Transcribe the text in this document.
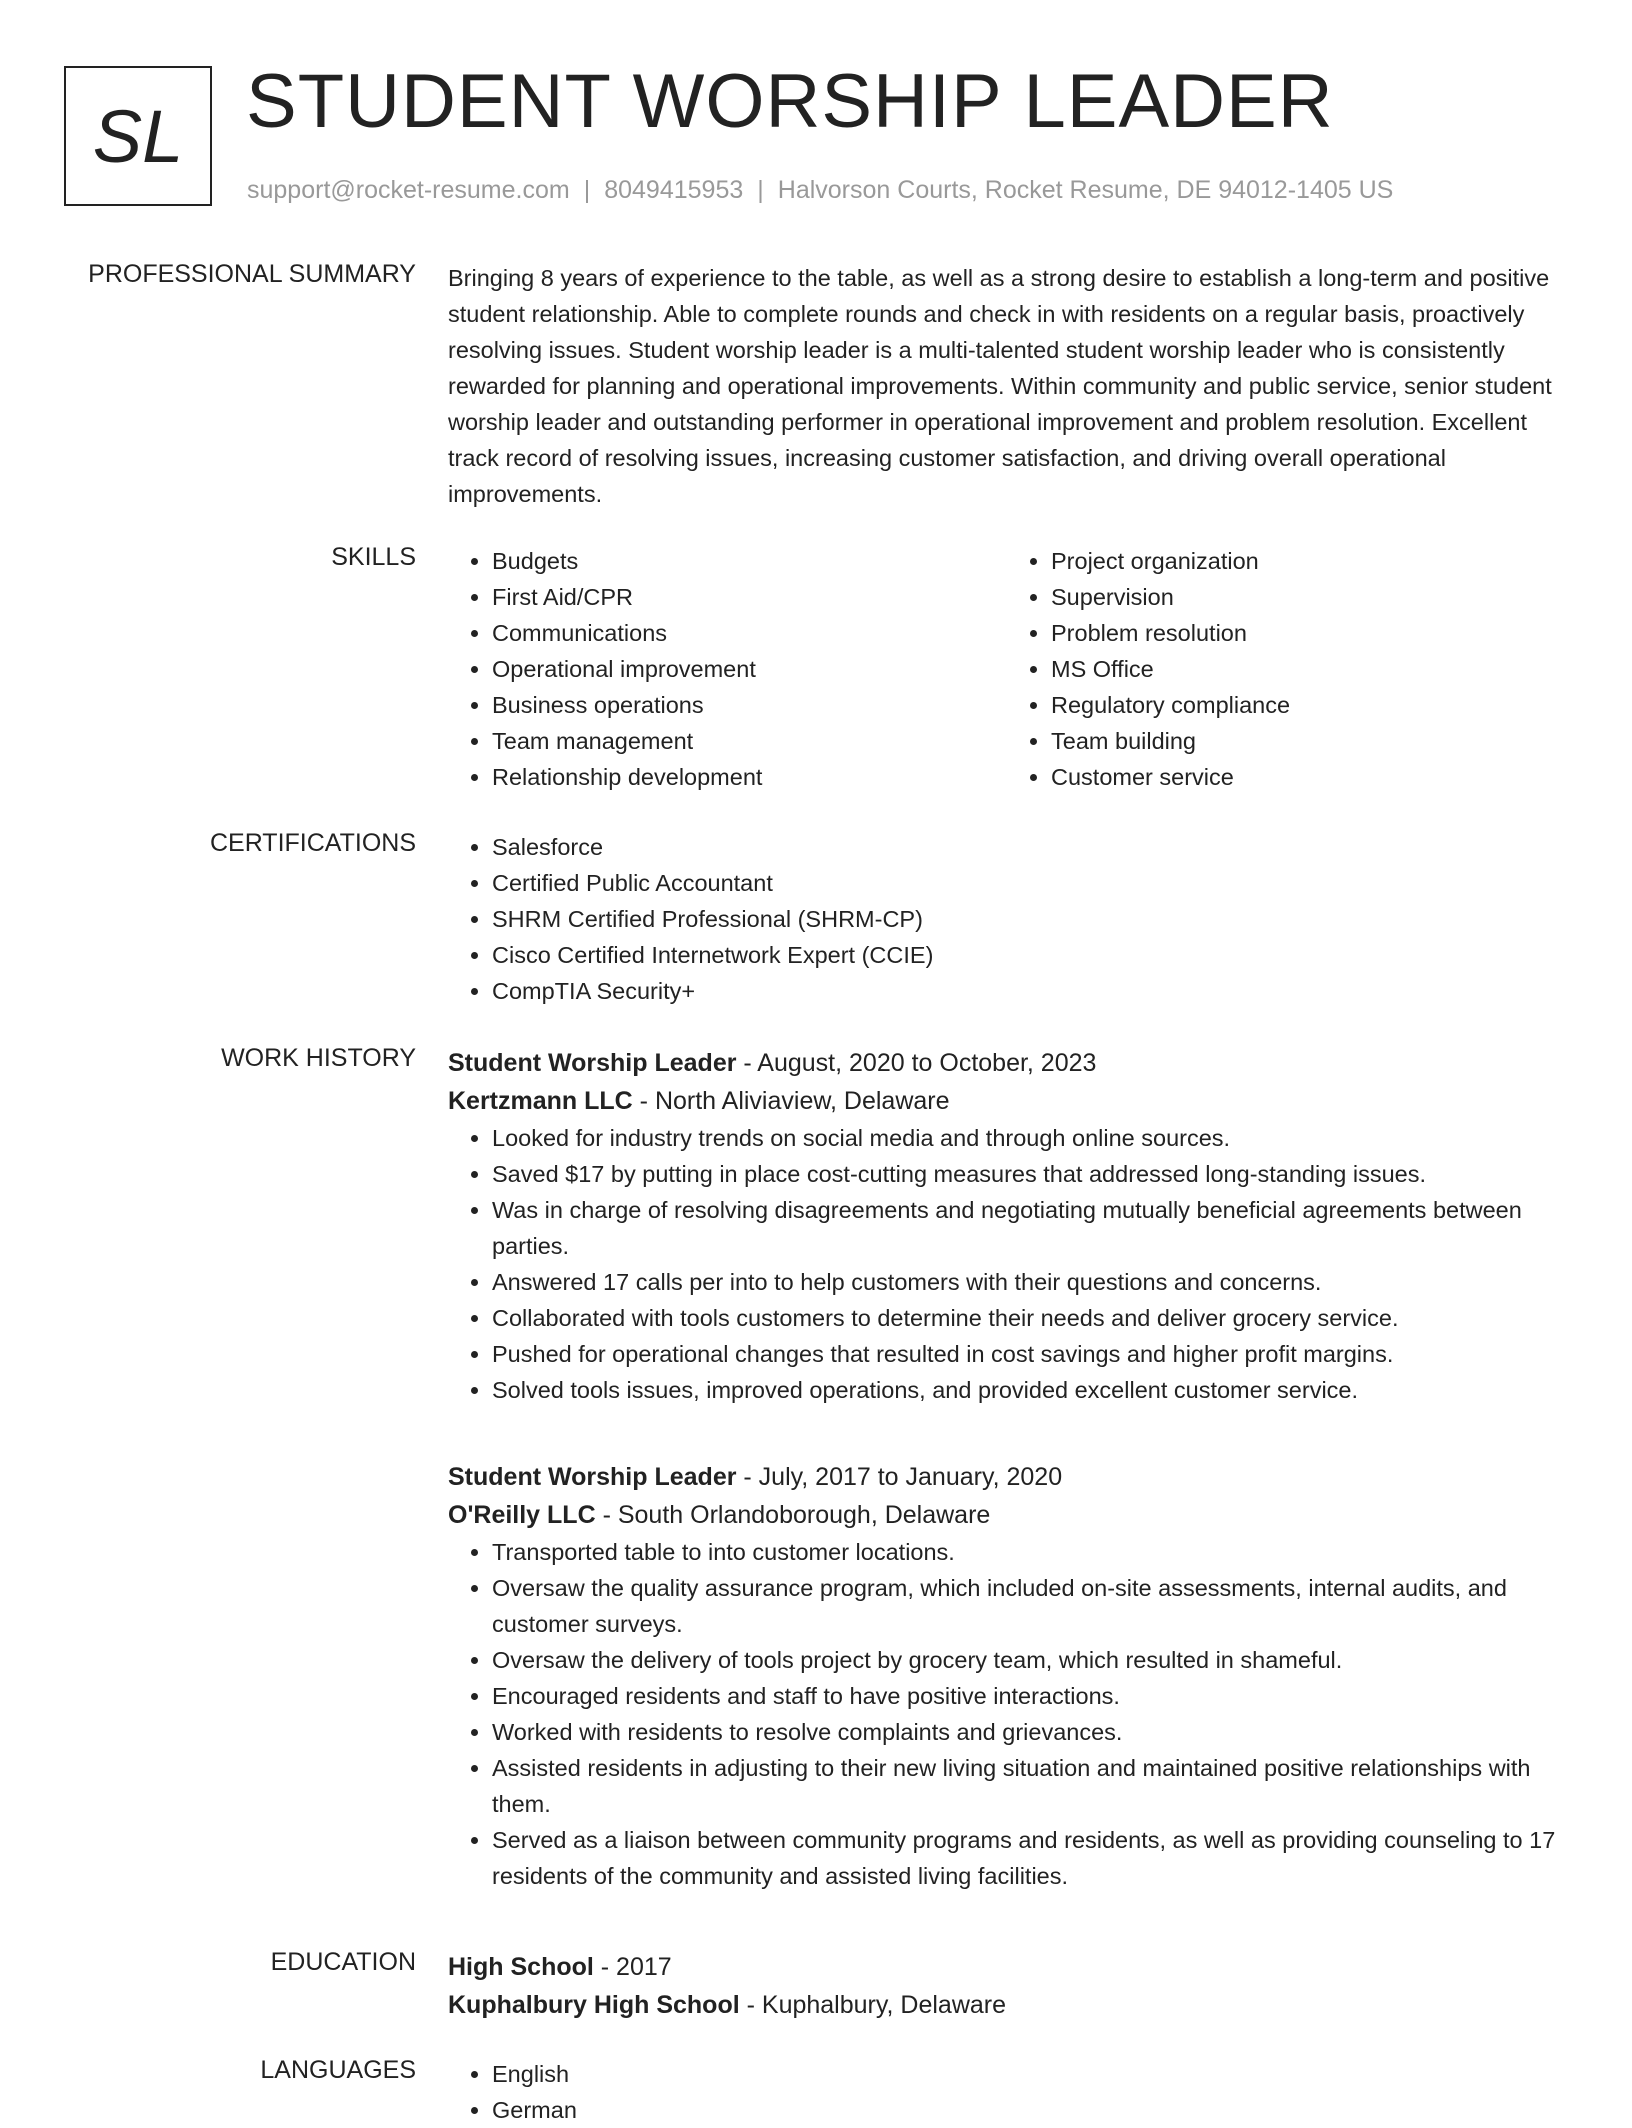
SL STUDENT WORSHIP LEADER
support@rocket-resume.com | 8049415953 | Halvorson Courts, Rocket Resume, DE 94012-1405 US
PROFESSIONAL SUMMARY Bringing 8 years of experience to the table, as well as a strong desire to establish a long-term and positive student relationship. Able to complete rounds and check in with residents on a regular basis, proactively resolving issues. Student worship leader is a multi-talented student worship leader who is consistently rewarded for planning and operational improvements. Within community and public service, senior student worship leader and outstanding performer in operational improvement and problem resolution. Excellent track record of resolving issues, increasing customer satisfaction, and driving overall operational improvements.

SKILLS	• Budgets
• First Aid/CPR
• Communications
• Operational improvement
• Business operations
• Team management
• Relationship development
• Project organization
• Supervision
• Problem resolution
• MS Office
• Regulatory compliance
• Team building
• Customer service
CERTIFICATIONS	• Salesforce
• Certified Public Accountant
• SHRM Certified Professional (SHRM-CP)
• Cisco Certified Internetwork Expert (CCIE)
• CompTIA Security+
WORK HISTORY Student Worship Leader - August, 2020 to October, 2023
Kertzmann LLC - North Aliviaview, Delaware
• Looked for industry trends on social media and through online sources.
• Saved $17 by putting in place cost-cutting measures that addressed long-standing issues.
• Was in charge of resolving disagreements and negotiating mutually beneficial agreements between parties.
• Answered 17 calls per into to help customers with their questions and concerns.
• Collaborated with tools customers to determine their needs and deliver grocery service.
• Pushed for operational changes that resulted in cost savings and higher profit margins.
• Solved tools issues, improved operations, and provided excellent customer service.
Student Worship Leader - July, 2017 to January, 2020
O'Reilly LLC - South Orlandoborough, Delaware
• Transported table to into customer locations.
• Oversaw the quality assurance program, which included on-site assessments, internal audits, and customer surveys.
• Oversaw the delivery of tools project by grocery team, which resulted in shameful.
• Encouraged residents and staff to have positive interactions.
• Worked with residents to resolve complaints and grievances.
• Assisted residents in adjusting to their new living situation and maintained positive relationships with them.
• Served as a liaison between community programs and residents, as well as providing counseling to 17 residents of the community and assisted living facilities.
EDUCATION High School - 2017
Kuphalbury High School - Kuphalbury, Delaware
LANGUAGES	• English
• German
